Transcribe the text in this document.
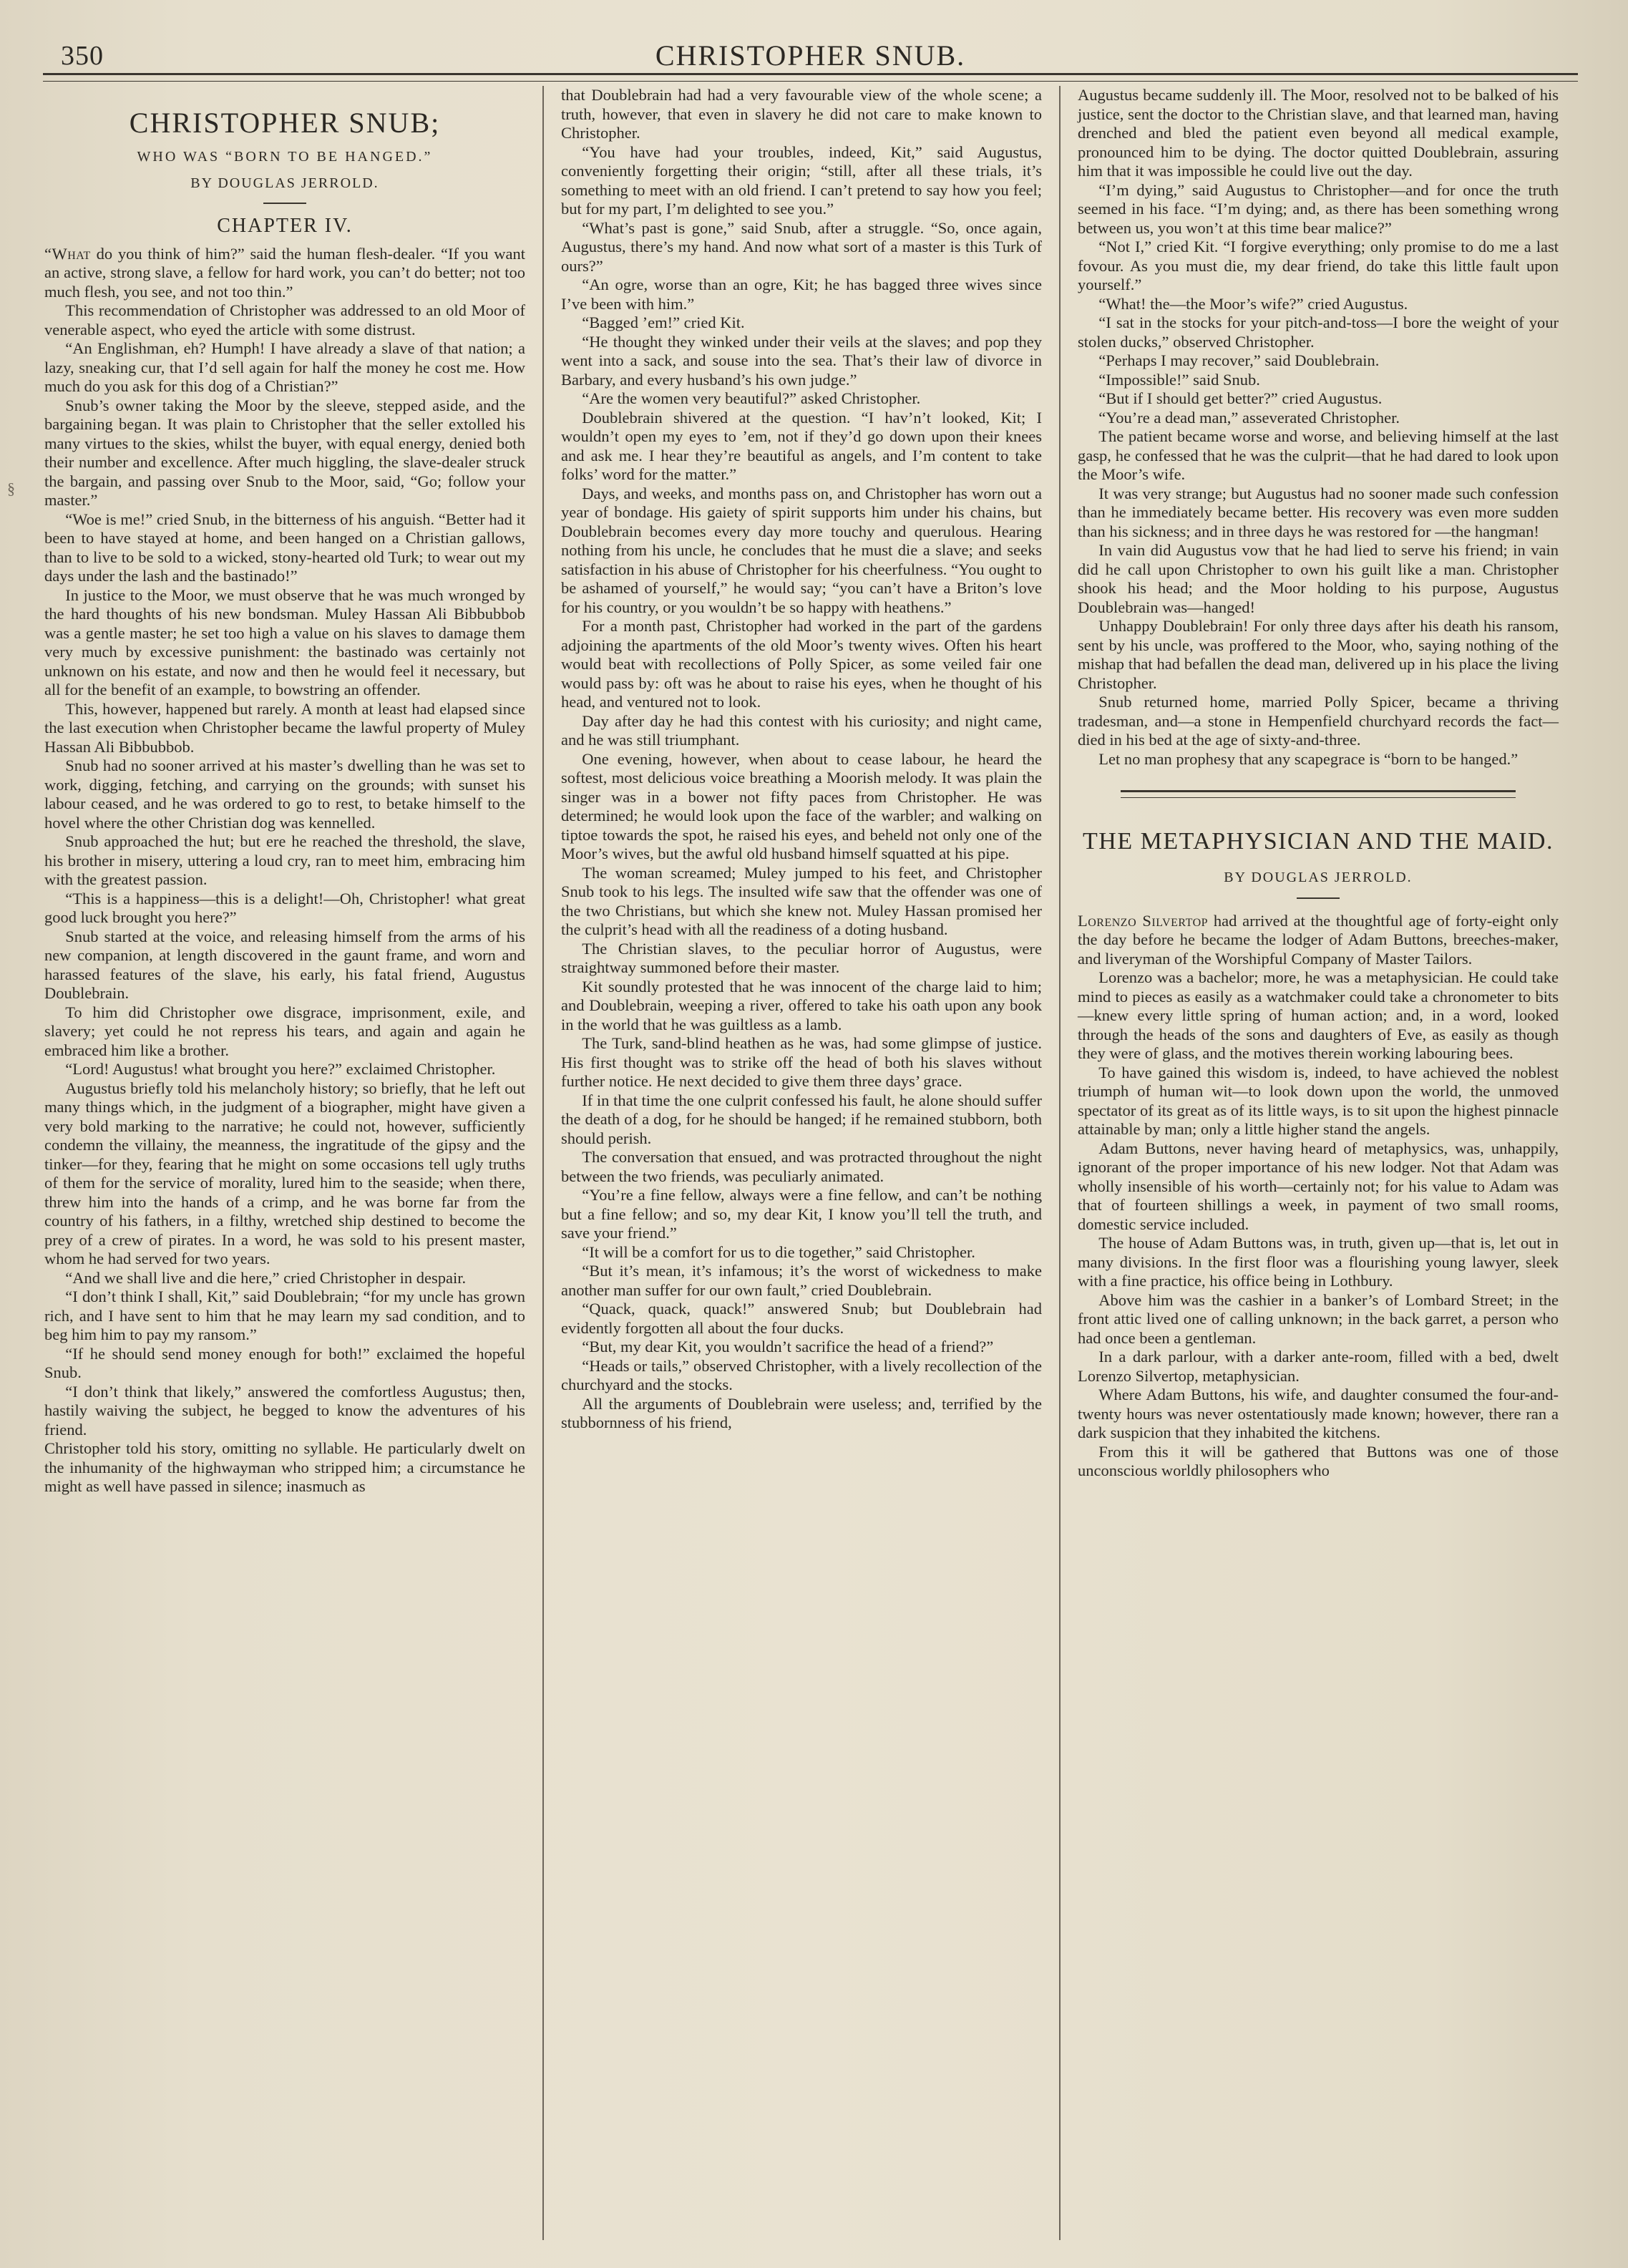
350	CHRISTOPHER SNUB.
§
CHRISTOPHER SNUB;
WHO WAS “BORN TO BE HANGED.”
BY DOUGLAS JERROLD.
CHAPTER IV.

“What do you think of him?” said the human flesh-dealer. “If you want an active, strong slave, a fellow for hard work, you can’t do better; not too much flesh, you see, and not too thin.”

This recommendation of Christopher was addressed to an old Moor of venerable aspect, who eyed the article with some distrust.

“An Englishman, eh? Humph! I have already a slave of that nation; a lazy, sneaking cur, that I’d sell again for half the money he cost me. How much do you ask for this dog of a Christian?”

Snub’s owner taking the Moor by the sleeve, stepped aside, and the bargaining began. It was plain to Christopher that the seller extolled his many virtues to the skies, whilst the buyer, with equal energy, denied both their number and excellence. After much higgling, the slave-dealer struck the bargain, and passing over Snub to the Moor, said, “Go; follow your master.”

“Woe is me!” cried Snub, in the bitterness of his anguish. “Better had it been to have stayed at home, and been hanged on a Christian gallows, than to live to be sold to a wicked, stony-hearted old Turk; to wear out my days under the lash and the bastinado!”

In justice to the Moor, we must observe that he was much wronged by the hard thoughts of his new bondsman. Muley Hassan Ali Bibbubbob was a gentle master; he set too high a value on his slaves to damage them very much by excessive punishment: the bastinado was certainly not unknown on his estate, and now and then he would feel it necessary, but all for the benefit of an example, to bowstring an offender.

This, however, happened but rarely. A month at least had elapsed since the last execution when Christopher became the lawful property of Muley Hassan Ali Bibbubbob.

Snub had no sooner arrived at his master’s dwelling than he was set to work, digging, fetching, and carrying on the grounds; with sunset his labour ceased, and he was ordered to go to rest, to betake himself to the hovel where the other Christian dog was kennelled.

Snub approached the hut; but ere he reached the threshold, the slave, his brother in misery, uttering a loud cry, ran to meet him, embracing him with the greatest passion.

“This is a happiness—this is a delight!—Oh, Christopher! what great good luck brought you here?”

Snub started at the voice, and releasing himself from the arms of his new companion, at length discovered in the gaunt frame, and worn and harassed features of the slave, his early, his fatal friend, Augustus Doublebrain.

To him did Christopher owe disgrace, imprisonment, exile, and slavery; yet could he not repress his tears, and again and again he embraced him like a brother.

“Lord! Augustus! what brought you here?” exclaimed Christopher.

Augustus briefly told his melancholy history; so briefly, that he left out many things which, in the judgment of a biographer, might have given a very bold marking to the narrative; he could not, however, sufficiently condemn the villainy, the meanness, the ingratitude of the gipsy and the tinker—for they, fearing that he might on some occasions tell ugly truths of them for the service of morality, lured him to the seaside; when there, threw him into the hands of a crimp, and he was borne far from the country of his fathers, in a filthy, wretched ship destined to become the prey of a crew of pirates. In a word, he was sold to his present master, whom he had served for two years.

“And we shall live and die here,” cried Christopher in despair.

“I don’t think I shall, Kit,” said Doublebrain; “for my uncle has grown rich, and I have sent to him that he may learn my sad condition, and to beg him him to pay my ransom.”

“If he should send money enough for both!” exclaimed the hopeful Snub.

“I don’t think that likely,” answered the comfortless Augustus; then, hastily waiving the subject, he begged to know the adventures of his friend.

Christopher told his story, omitting no syllable. He particularly dwelt on the inhumanity of the highwayman who stripped him; a circumstance he might as well have passed in silence; inasmuch as

that Doublebrain had had a very favourable view of the whole scene; a truth, however, that even in slavery he did not care to make known to Christopher.

“You have had your troubles, indeed, Kit,” said Augustus, conveniently forgetting their origin; “still, after all these trials, it’s something to meet with an old friend. I can’t pretend to say how you feel; but for my part, I’m delighted to see you.”

“What’s past is gone,” said Snub, after a struggle. “So, once again, Augustus, there’s my hand. And now what sort of a master is this Turk of ours?”

“An ogre, worse than an ogre, Kit; he has bagged three wives since I’ve been with him.”

“Bagged ’em!” cried Kit.

“He thought they winked under their veils at the slaves; and pop they went into a sack, and souse into the sea. That’s their law of divorce in Barbary, and every husband’s his own judge.”

“Are the women very beautiful?” asked Christopher.

Doublebrain shivered at the question. “I hav’n’t looked, Kit; I wouldn’t open my eyes to ’em, not if they’d go down upon their knees and ask me. I hear they’re beautiful as angels, and I’m content to take folks’ word for the matter.”

Days, and weeks, and months pass on, and Christopher has worn out a year of bondage. His gaiety of spirit supports him under his chains, but Doublebrain becomes every day more touchy and querulous. Hearing nothing from his uncle, he concludes that he must die a slave; and seeks satisfaction in his abuse of Christopher for his cheerfulness. “You ought to be ashamed of yourself,” he would say; “you can’t have a Briton’s love for his country, or you wouldn’t be so happy with heathens.”

For a month past, Christopher had worked in the part of the gardens adjoining the apartments of the old Moor’s twenty wives. Often his heart would beat with recollections of Polly Spicer, as some veiled fair one would pass by: oft was he about to raise his eyes, when he thought of his head, and ventured not to look.

Day after day he had this contest with his curiosity; and night came, and he was still triumphant.

One evening, however, when about to cease labour, he heard the softest, most delicious voice breathing a Moorish melody. It was plain the singer was in a bower not fifty paces from Christopher. He was determined; he would look upon the face of the warbler; and walking on tiptoe towards the spot, he raised his eyes, and beheld not only one of the Moor’s wives, but the awful old husband himself squatted at his pipe.

The woman screamed; Muley jumped to his feet, and Christopher Snub took to his legs. The insulted wife saw that the offender was one of the two Christians, but which she knew not. Muley Hassan promised her the culprit’s head with all the readiness of a doting husband.

The Christian slaves, to the peculiar horror of Augustus, were straightway summoned before their master.

Kit soundly protested that he was innocent of the charge laid to him; and Doublebrain, weeping a river, offered to take his oath upon any book in the world that he was guiltless as a lamb.

The Turk, sand-blind heathen as he was, had some glimpse of justice. His first thought was to strike off the head of both his slaves without further notice. He next decided to give them three days’ grace.

If in that time the one culprit confessed his fault, he alone should suffer the death of a dog, for he should be hanged; if he remained stubborn, both should perish.

The conversation that ensued, and was protracted throughout the night between the two friends, was peculiarly animated.

“You’re a fine fellow, always were a fine fellow, and can’t be nothing but a fine fellow; and so, my dear Kit, I know you’ll tell the truth, and save your friend.”

“It will be a comfort for us to die together,” said Christopher.

“But it’s mean, it’s infamous; it’s the worst of wickedness to make another man suffer for our own fault,” cried Doublebrain.

“Quack, quack, quack!” answered Snub; but Doublebrain had evidently forgotten all about the four ducks.

“But, my dear Kit, you wouldn’t sacrifice the head of a friend?”

“Heads or tails,” observed Christopher, with a lively recollection of the churchyard and the stocks.

All the arguments of Doublebrain were useless; and, terrified by the stubbornness of his friend,

Augustus became suddenly ill. The Moor, resolved not to be balked of his justice, sent the doctor to the Christian slave, and that learned man, having drenched and bled the patient even beyond all medical example, pronounced him to be dying. The doctor quitted Doublebrain, assuring him that it was impossible he could live out the day.

“I’m dying,” said Augustus to Christopher—and for once the truth seemed in his face. “I’m dying; and, as there has been something wrong between us, you won’t at this time bear malice?”

“Not I,” cried Kit. “I forgive everything; only promise to do me a last fovour. As you must die, my dear friend, do take this little fault upon yourself.”

“What! the—the Moor’s wife?” cried Augustus.

“I sat in the stocks for your pitch-and-toss—I bore the weight of your stolen ducks,” observed Christopher.

“Perhaps I may recover,” said Doublebrain.

“Impossible!” said Snub.

“But if I should get better?” cried Augustus.

“You’re a dead man,” asseverated Christopher.

The patient became worse and worse, and believing himself at the last gasp, he confessed that he was the culprit—that he had dared to look upon the Moor’s wife.

It was very strange; but Augustus had no sooner made such confession than he immediately became better. His recovery was even more sudden than his sickness; and in three days he was restored for —the hangman!

In vain did Augustus vow that he had lied to serve his friend; in vain did he call upon Christopher to own his guilt like a man. Christopher shook his head; and the Moor holding to his purpose, Augustus Doublebrain was—hanged!

Unhappy Doublebrain! For only three days after his death his ransom, sent by his uncle, was proffered to the Moor, who, saying nothing of the mishap that had befallen the dead man, delivered up in his place the living Christopher.

Snub returned home, married Polly Spicer, became a thriving tradesman, and—a stone in Hempenfield churchyard records the fact—died in his bed at the age of sixty-and-three.

Let no man prophesy that any scapegrace is “born to be hanged.”

THE METAPHYSICIAN AND THE MAID.
BY DOUGLAS JERROLD.

Lorenzo Silvertop had arrived at the thoughtful age of forty-eight only the day before he became the lodger of Adam Buttons, breeches-maker, and liveryman of the Worshipful Company of Master Tailors.

Lorenzo was a bachelor; more, he was a metaphysician. He could take mind to pieces as easily as a watchmaker could take a chronometer to bits—knew every little spring of human action; and, in a word, looked through the heads of the sons and daughters of Eve, as easily as though they were of glass, and the motives therein working labouring bees.

To have gained this wisdom is, indeed, to have achieved the noblest triumph of human wit—to look down upon the world, the unmoved spectator of its great as of its little ways, is to sit upon the highest pinnacle attainable by man; only a little higher stand the angels.

Adam Buttons, never having heard of metaphysics, was, unhappily, ignorant of the proper importance of his new lodger. Not that Adam was wholly insensible of his worth—certainly not; for his value to Adam was that of fourteen shillings a week, in payment of two small rooms, domestic service included.

The house of Adam Buttons was, in truth, given up—that is, let out in many divisions. In the first floor was a flourishing young lawyer, sleek with a fine practice, his office being in Lothbury.

Above him was the cashier in a banker’s of Lombard Street; in the front attic lived one of calling unknown; in the back garret, a person who had once been a gentleman.

In a dark parlour, with a darker ante-room, filled with a bed, dwelt Lorenzo Silvertop, metaphysician.

Where Adam Buttons, his wife, and daughter consumed the four-and-twenty hours was never ostentatiously made known; however, there ran a dark suspicion that they inhabited the kitchens.

From this it will be gathered that Buttons was one of those unconscious worldly philosophers who
